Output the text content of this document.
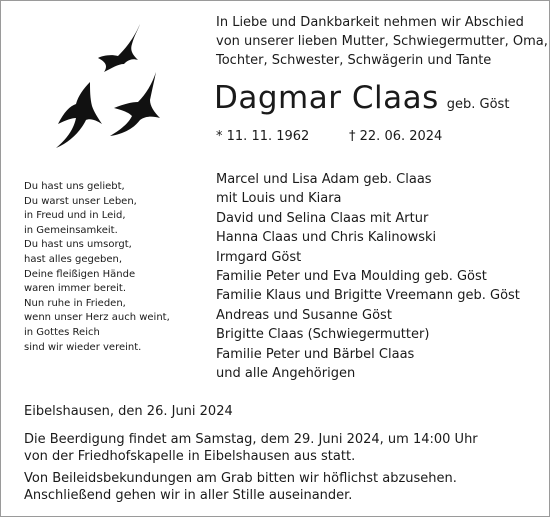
In Liebe und Dankbarkeit nehmen wir Abschied
von unserer lieben Mutter, Schwiegermutter, Oma,
Tochter, Schwester, Schwägerin und Tante

Dagmar Claas geb. Göst
* 11. 11. 1962	† 22. 06. 2024
Du hast uns geliebt,
Du warst unser Leben,
in Freud und in Leid,
in Gemeinsamkeit.
Du hast uns umsorgt,
hast alles gegeben,
Deine fleißigen Hände
waren immer bereit.
Nun ruhe in Frieden,
wenn unser Herz auch weint,
in Gottes Reich
sind wir wieder vereint.
Marcel und Lisa Adam geb. Claas
mit Louis und Kiara
David und Selina Claas mit Artur
Hanna Claas und Chris Kalinowski
Irmgard Göst
Familie Peter und Eva Moulding geb. Göst
Familie Klaus und Brigitte Vreemann geb. Göst
Andreas und Susanne Göst
Brigitte Claas (Schwiegermutter)
Familie Peter und Bärbel Claas
und alle Angehörigen

Eibelshausen, den 26. Juni 2024

Die Beerdigung findet am Samstag, dem 29. Juni 2024, um 14:00 Uhr
von der Friedhofskapelle in Eibelshausen aus statt.

Von Beileidsbekundungen am Grab bitten wir höflichst abzusehen.
Anschließend gehen wir in aller Stille auseinander.
